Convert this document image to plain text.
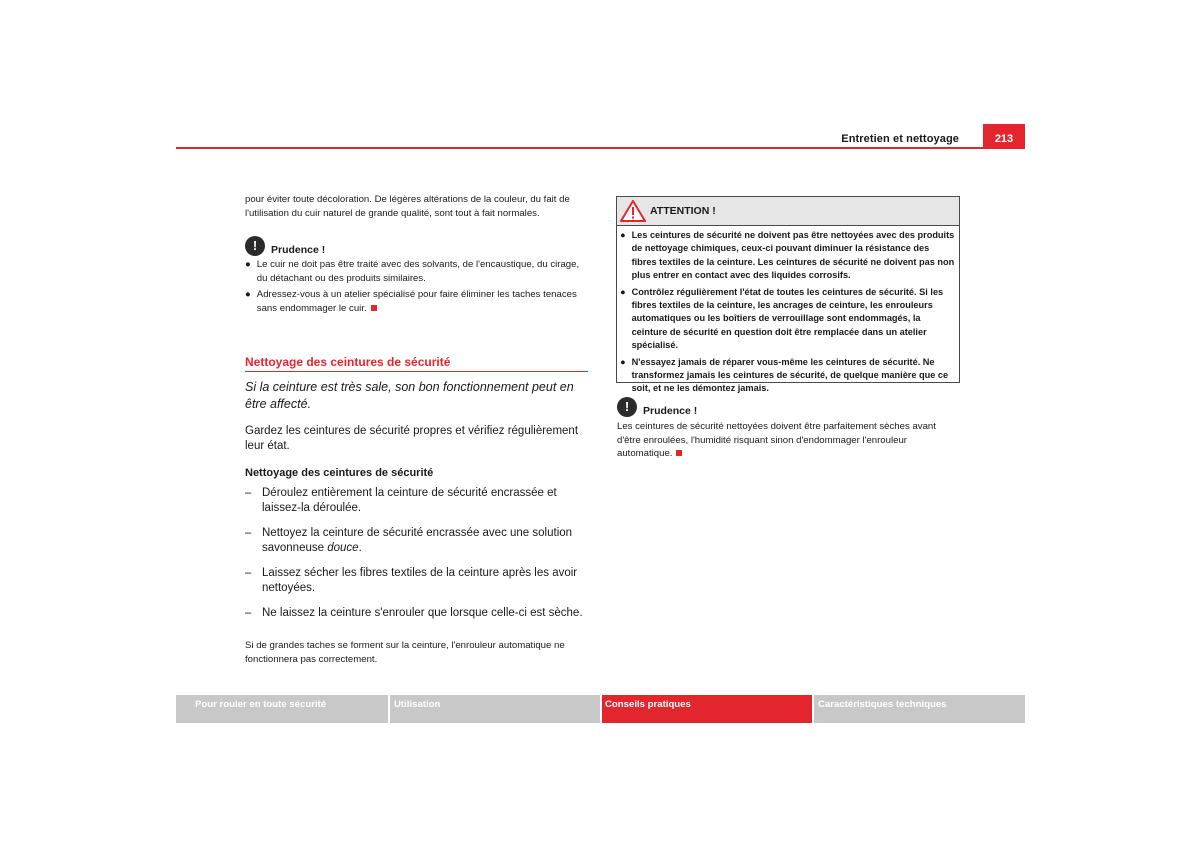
Entretien et nettoyage	213

pour éviter toute décoloration. De légères altérations de la couleur, du fait de l'utilisation du cuir naturel de grande qualité, sont tout à fait normales.

!	Prudence !
● Le cuir ne doit pas être traité avec des solvants, de l'encaustique, du cirage, du détachant ou des produits similaires.
● Adressez-vous à un atelier spécialisé pour faire éliminer les taches tenaces sans endommager le cuir.
Nettoyage des ceintures de sécurité
Si la ceinture est très sale, son bon fonctionnement peut en être affecté.
Gardez les ceintures de sécurité propres et vérifiez régulièrement leur état.
Nettoyage des ceintures de sécurité
– Déroulez entièrement la ceinture de sécurité encrassée et laissez-la déroulée.
– Nettoyez la ceinture de sécurité encrassée avec une solution savonneuse douce.
– Laissez sécher les fibres textiles de la ceinture après les avoir nettoyées.
– Ne laissez la ceinture s'enrouler que lorsque celle-ci est sèche.
Si de grandes taches se forment sur la ceinture, l'enrouleur automatique ne fonctionnera pas correctement.
ATTENTION !
● Les ceintures de sécurité ne doivent pas être nettoyées avec des produits de nettoyage chimiques, ceux-ci pouvant diminuer la résistance des fibres textiles de la ceinture. Les ceintures de sécurité ne doivent pas non plus entrer en contact avec des liquides corrosifs.
● Contrôlez régulièrement l'état de toutes les ceintures de sécurité. Si les fibres textiles de la ceinture, les ancrages de ceinture, les enrouleurs automatiques ou les boîtiers de verrouillage sont endommagés, la ceinture de sécurité en question doit être remplacée dans un atelier spécialisé.
● N'essayez jamais de réparer vous-même les ceintures de sécurité. Ne transformez jamais les ceintures de sécurité, de quelque manière que ce soit, et ne les démontez jamais.
!	Prudence !
Les ceintures de sécurité nettoyées doivent être parfaitement sèches avant d'être enroulées, l'humidité risquant sinon d'endommager l'enrouleur automatique.
Pour rouler en toute sécurité	Utilisation	Conseils pratiques	Caractéristiques techniques
